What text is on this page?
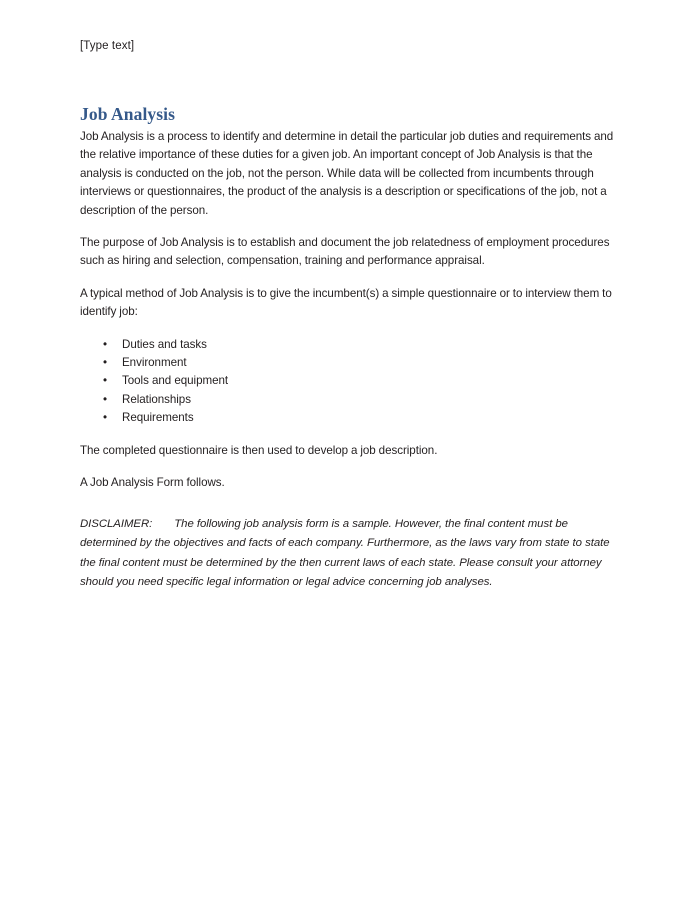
[Type text]
Job Analysis

Job Analysis is a process to identify and determine in detail the particular job duties and requirements and the relative importance of these duties for a given job. An important concept of Job Analysis is that the analysis is conducted on the job, not the person. While data will be collected from incumbents through interviews or questionnaires, the product of the analysis is a description or specifications of the job, not a description of the person.

The purpose of Job Analysis is to establish and document the job relatedness of employment procedures such as hiring and selection, compensation, training and performance appraisal.

A typical method of Job Analysis is to give the incumbent(s) a simple questionnaire or to interview them to identify job:

• Duties and tasks
• Environment
• Tools and equipment
• Relationships
• Requirements

The completed questionnaire is then used to develop a job description.

A Job Analysis Form follows.

DISCLAIMER: The following job analysis form is a sample. However, the final content must be determined by the objectives and facts of each company. Furthermore, as the laws vary from state to state the final content must be determined by the then current laws of each state. Please consult your attorney should you need specific legal information or legal advice concerning job analyses.
